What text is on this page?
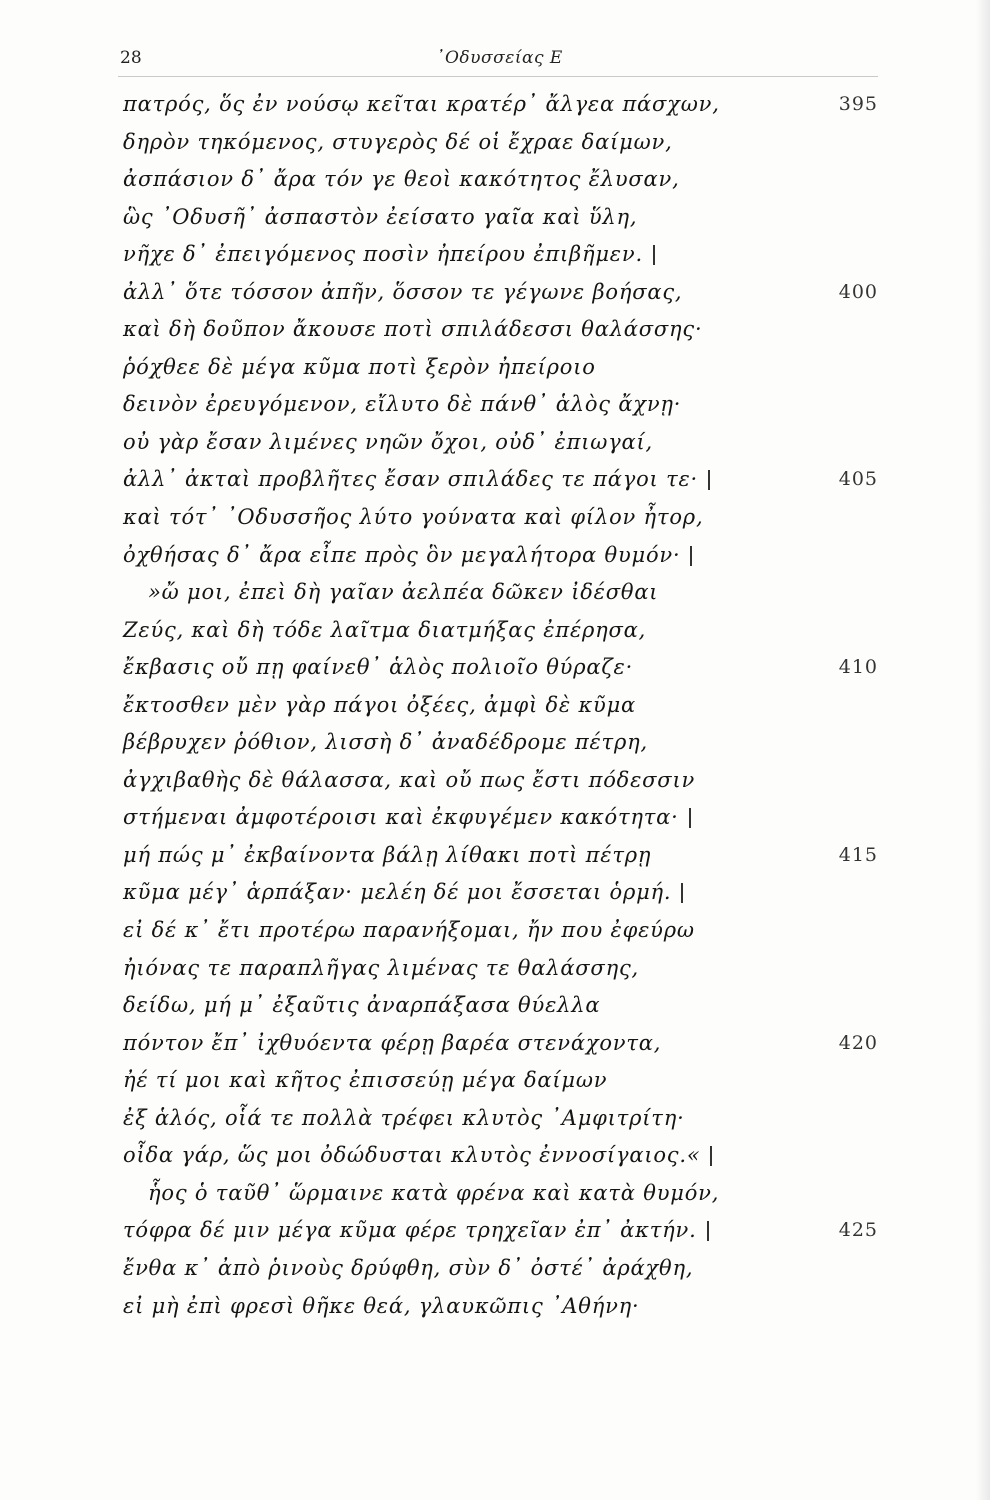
28	᾿Οδυσσείας Ε
πατρός, ὅς ἐν νούσῳ κεῖται κρατέρ᾿ ἄλγεα πάσχων,	395
δηρὸν τηκόμενος, στυγερὸς δέ οἱ ἔχραε δαίμων,
ἀσπάσιον δ᾿ ἄρα τόν γε θεοὶ κακότητος ἔλυσαν,
ὣς ᾿Οδυσῆ᾿ ἀσπαστὸν ἐείσατο γαῖα καὶ ὕλη,
νῆχε δ᾿ ἐπειγόμενος ποσὶν ἠπείρου ἐπιβῆμεν.
ἀλλ᾿ ὅτε τόσσον ἀπῆν, ὅσσον τε γέγωνε βοήσας,	400
καὶ δὴ δοῦπον ἄκουσε ποτὶ σπιλάδεσσι θαλάσσης·
ῥόχθεε δὲ μέγα κῦμα ποτὶ ξερὸν ἠπείροιο
δεινὸν ἐρευγόμενον, εἴλυτο δὲ πάνθ᾿ ἁλὸς ἄχνῃ·
οὐ γὰρ ἔσαν λιμένες νηῶν ὄχοι, οὐδ᾿ ἐπιωγαί,
ἀλλ᾿ ἀκταὶ προβλῆτες ἔσαν σπιλάδες τε πάγοι τε·	405
καὶ τότ᾿ ᾿Οδυσσῆος λύτο γούνατα καὶ φίλον ἦτορ,
ὀχθήσας δ᾿ ἄρα εἶπε πρὸς ὃν μεγαλήτορα θυμόν·
»ὤ μοι, ἐπεὶ δὴ γαῖαν ἀελπέα δῶκεν ἰδέσθαι
Ζεύς, καὶ δὴ τόδε λαῖτμα διατμήξας ἐπέρησα,
ἔκβασις οὔ πῃ φαίνεθ᾿ ἁλὸς πολιοῖο θύραζε·	410
ἔκτοσθεν μὲν γὰρ πάγοι ὀξέες, ἀμφὶ δὲ κῦμα
βέβρυχεν ῥόθιον, λισσὴ δ᾿ ἀναδέδρομε πέτρη,
ἀγχιβαθὴς δὲ θάλασσα, καὶ οὔ πως ἔστι πόδεσσιν
στήμεναι ἀμφοτέροισι καὶ ἐκφυγέμεν κακότητα·
μή πώς μ᾿ ἐκβαίνοντα βάλῃ λίθακι ποτὶ πέτρῃ	415
κῦμα μέγ᾿ ἁρπάξαν· μελέη δέ μοι ἔσσεται ὁρμή.
εἰ δέ κ᾿ ἔτι προτέρω παρανήξομαι, ἤν που ἐφεύρω
ἠιόνας τε παραπλῆγας λιμένας τε θαλάσσης,
δείδω, μή μ᾿ ἐξαῦτις ἀναρπάξασα θύελλα
πόντον ἔπ᾿ ἰχθυόεντα φέρῃ βαρέα στενάχοντα,	420
ἠέ τί μοι καὶ κῆτος ἐπισσεύῃ μέγα δαίμων
ἐξ ἁλός, οἷά τε πολλὰ τρέφει κλυτὸς ᾿Αμφιτρίτη·
οἶδα γάρ, ὥς μοι ὀδώδυσται κλυτὸς ἐννοσίγαιος.«
ἧος ὁ ταῦθ᾿ ὥρμαινε κατὰ φρένα καὶ κατὰ θυμόν,
τόφρα δέ μιν μέγα κῦμα φέρε τρηχεῖαν ἐπ᾿ ἀκτήν.	425
ἔνθα κ᾿ ἀπὸ ῥινοὺς δρύφθη, σὺν δ᾿ ὀστέ᾿ ἀράχθη,
εἰ μὴ ἐπὶ φρεσὶ θῆκε θεά, γλαυκῶπις ᾿Αθήνη·
